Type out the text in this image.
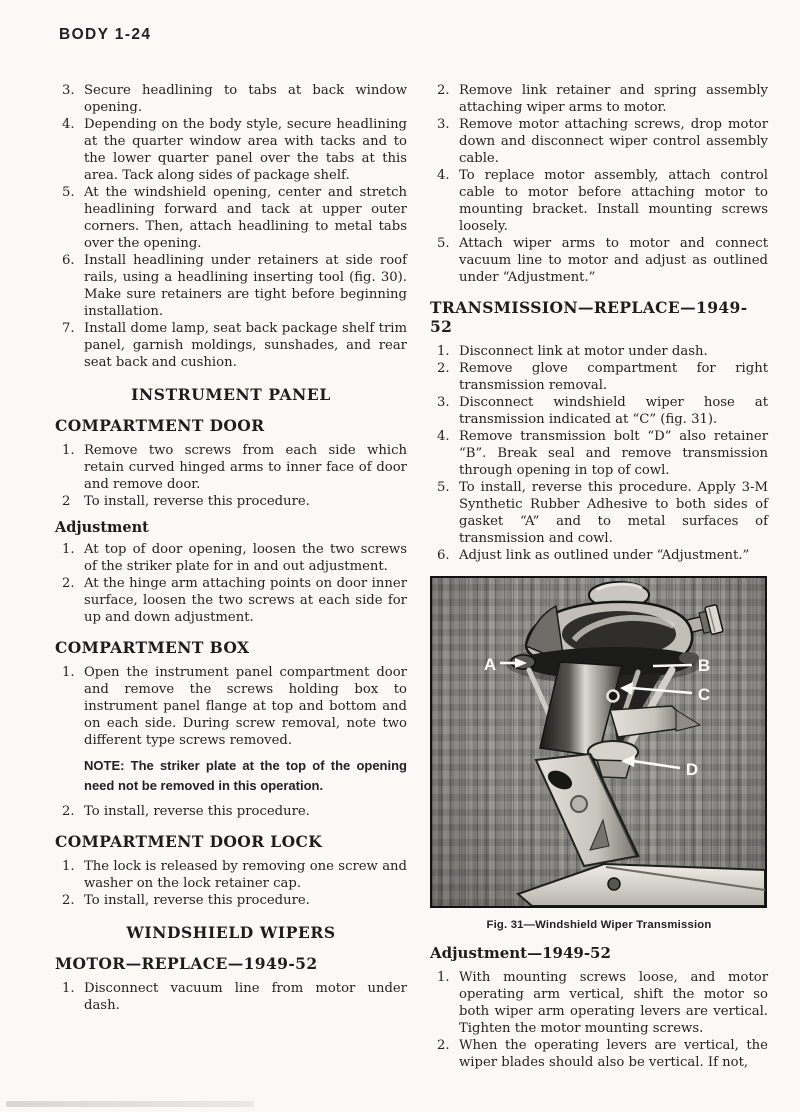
BODY 1-24
3. Secure headlining to tabs at back window opening.
4. Depending on the body style, secure headlining at the quarter window area with tacks and to the lower quarter panel over the tabs at this area. Tack along sides of package shelf.
5. At the windshield opening, center and stretch headlining forward and tack at upper outer corners. Then, attach headlining to metal tabs over the opening.
6. Install headlining under retainers at side roof rails, using a headlining inserting tool (fig. 30). Make sure retainers are tight before beginning installation.
7. Install dome lamp, seat back package shelf trim panel, garnish moldings, sunshades, and rear seat back and cushion.
INSTRUMENT PANEL
COMPARTMENT DOOR
1. Remove two screws from each side which retain curved hinged arms to inner face of door and remove door.
2	To install, reverse this procedure.
Adjustment
1. At top of door opening, loosen the two screws of the striker plate for in and out adjustment.
2. At the hinge arm attaching points on door inner surface, loosen the two screws at each side for up and down adjustment.
COMPARTMENT BOX
1. Open the instrument panel compartment door and remove the screws holding box to instrument panel flange at top and bottom and on each side. During screw removal, note two different type screws removed.

NOTE: The striker plate at the top of the opening need not be removed in this operation.

2. To install, reverse this procedure.
COMPARTMENT DOOR LOCK
1. The lock is released by removing one screw and washer on the lock retainer cap.
2. To install, reverse this procedure.
WINDSHIELD WIPERS
MOTOR—REPLACE—1949-52
1. Disconnect vacuum line from motor under dash.
2. Remove link retainer and spring assembly attaching wiper arms to motor.
3. Remove motor attaching screws, drop motor down and disconnect wiper control assembly cable.
4. To replace motor assembly, attach control cable to motor before attaching motor to mounting bracket. Install mounting screws loosely.
5. Attach wiper arms to motor and connect vacuum line to motor and adjust as outlined under “Adjustment.”
TRANSMISSION—REPLACE—1949-52
1. Disconnect link at motor under dash.
2. Remove glove compartment for right transmission removal.
3. Disconnect windshield wiper hose at transmission indicated at “C” (fig. 31).
4. Remove transmission bolt “D” also retainer “B”. Break seal and remove transmission through opening in top of cowl.
5. To install, reverse this procedure. Apply 3-M Synthetic Rubber Adhesive to both sides of gasket “A” and to metal surfaces of transmission and cowl.
6. Adjust link as outlined under “Adjustment.”
A	B
C
D
Fig. 31—Windshield Wiper Transmission
Adjustment—1949-52
1. With mounting screws loose, and motor operating arm vertical, shift the motor so both wiper arm operating levers are vertical. Tighten the motor mounting screws.
2. When the operating levers are vertical, the wiper blades should also be vertical. If not,
